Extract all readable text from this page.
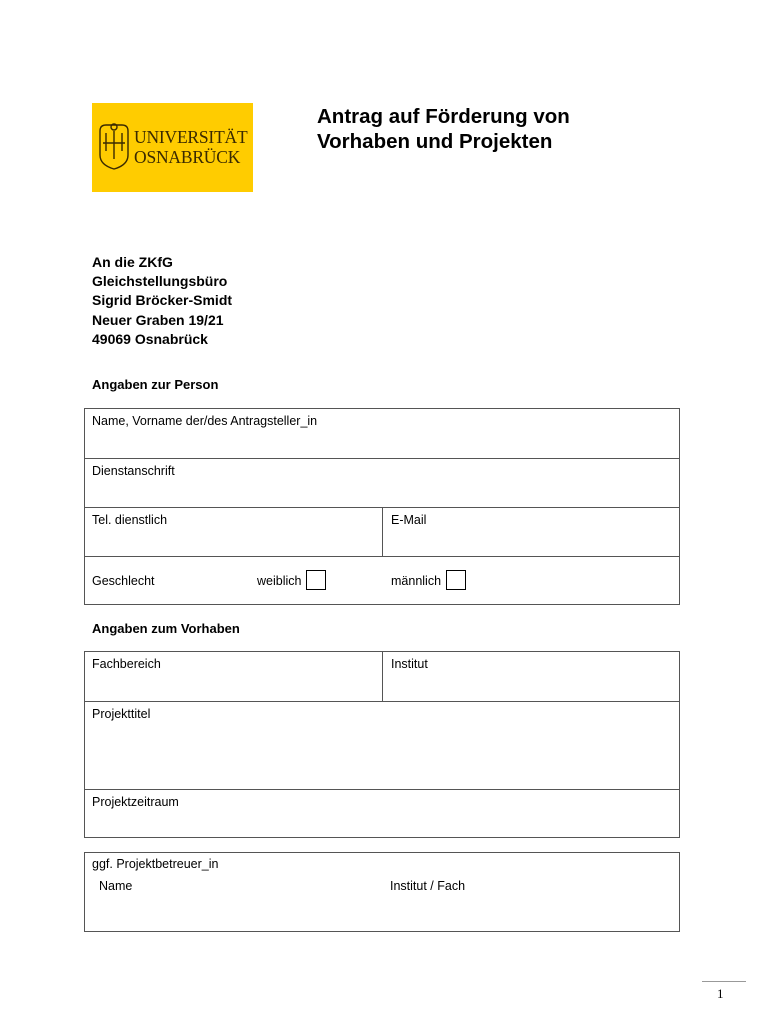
UNIVERSITÄT
OSNABRÜCK
Antrag auf Förderung von
Vorhaben und Projekten
An die ZKfG
Gleichstellungsbüro
Sigrid Bröcker-Smidt
Neuer Graben 19/21
49069 Osnabrück
Angaben zur Person
Name, Vorname der/des Antragsteller_in
Dienstanschrift
Tel. dienstlich	E-Mail
Geschlecht	weiblich	männlich
Angaben zum Vorhaben
Fachbereich	Institut
Projekttitel
Projektzeitraum
ggf. Projektbetreuer_in
Name	Institut / Fach
1
